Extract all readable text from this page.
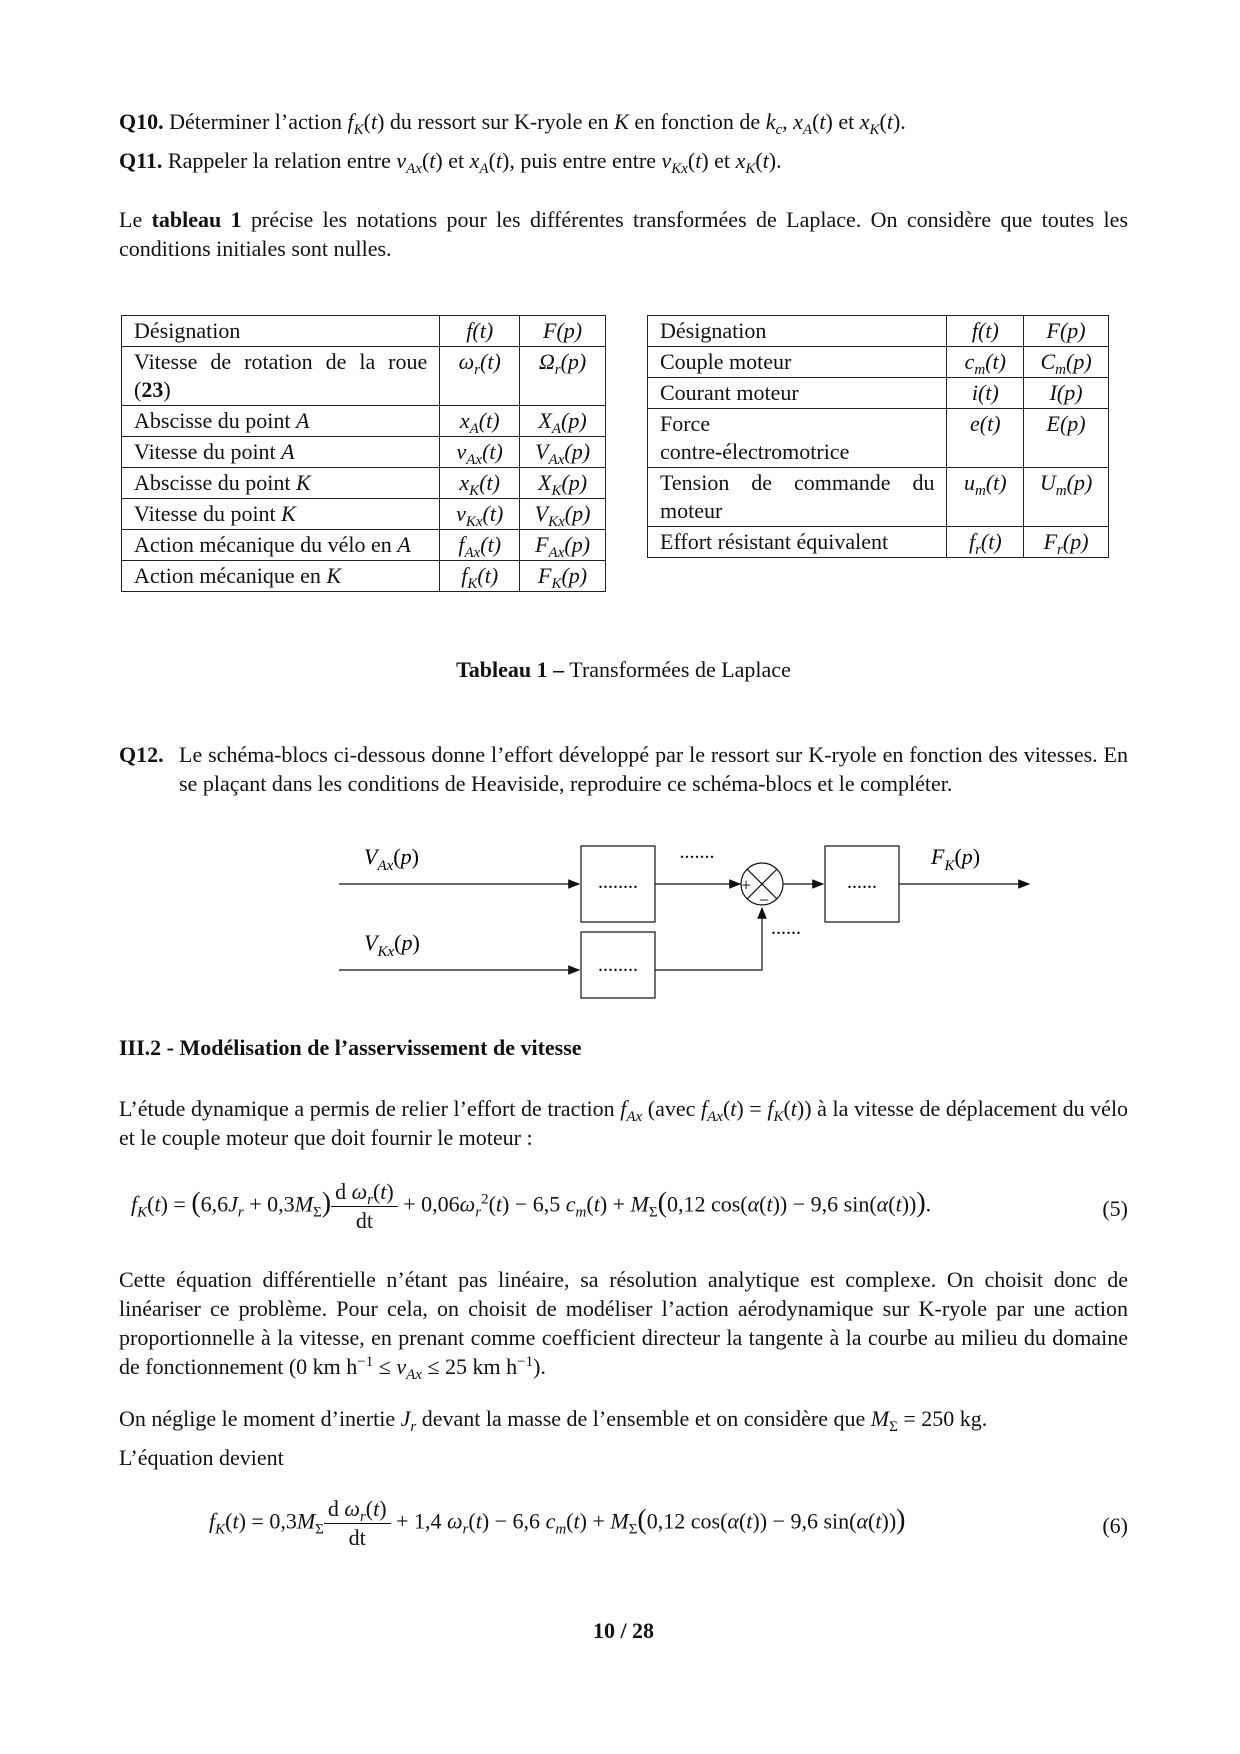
Q10. Déterminer l’action $f_K(t)$ du ressort sur K-ryole en K en fonction de $k_c$, $x_A(t)$ et $x_K(t)$.
Q11. Rappeler la relation entre $v_{Ax}(t)$ et $x_A(t)$, puis entre entre $v_{Kx}(t)$ et $x_K(t)$.

Le tableau 1 précise les notations pour les différentes transformées de Laplace. On considère que toutes les conditions initiales sont nulles.

Désignation	f(t)	F(p)
Vitesse de rotation de la roue (23)	$\omega_r(t)$	$\Omega_r(p)$
Abscisse du point A	$x_A(t)$	$X_A(p)$
Vitesse du point A	$v_{Ax}(t)$	$V_{Ax}(p)$
Abscisse du point K	$x_K(t)$	$X_K(p)$
Vitesse du point K	$v_{Kx}(t)$	$V_{Kx}(p)$
Action mécanique du vélo en A	$f_{Ax}(t)$	$F_{Ax}(p)$
Action mécanique en K	$f_K(t)$	$F_K(p)$
Désignation	f(t)	F(p)
Couple moteur	$c_m(t)$	$C_m(p)$
Courant moteur	i(t)	I(p)
Force
contre-électromotrice	e(t)	E(p)
Tension de commande du moteur	$u_m(t)$	$U_m(p)$
Effort résistant équivalent	$f_r(t)$	$F_r(p)$
Tableau 1 – Transformées de Laplace
Q12. Le schéma-blocs ci-dessous donne l’effort développé par le ressort sur K-ryole en fonction des vitesses. En se plaçant dans les conditions de Heaviside, reproduire ce schéma-blocs et le compléter.
$V_{Ax}(p)$
........
.......
+
−
......
$F_K(p)$
$V_{Kx}(p)$
........
......
III.2 - Modélisation de l’asservissement de vitesse

L’étude dynamique a permis de relier l’effort de traction $f_{Ax}$ (avec $f_{Ax}(t) = f_K(t)$) à la vitesse de déplacement du vélo et le couple moteur que doit fournir le moteur :

$f_K(t) = (6,6J_r + 0,3M_\Sigma) \frac{d \omega_r(t)}{dt} + 0,06\omega_r^2(t) - 6,5$ $c_m(t) + M_\Sigma(0,12$ cos(α(t)) − 9,6 sin(α(t))).	(5)

Cette équation différentielle n’étant pas linéaire, sa résolution analytique est complexe. On choisit donc de linéariser ce problème. Pour cela, on choisit de modéliser l’action aérodynamique sur K-ryole par une action proportionnelle à la vitesse, en prenant comme coefficient directeur la tangente à la courbe au milieu du domaine de fonctionnement (0 km $h^{-1} \le v_{Ax} \le 25$ km $h^{-1}$).

On néglige le moment d’inertie $J_r$ devant la masse de l’ensemble et on considère que $M_\Sigma = 250$ kg.
L’équation devient
$f_K(t) = 0,3M_\Sigma \frac{d \omega_r(t)}{dt} + 1,4$ $\omega_r(t) - 6,6$ $c_m(t) + M_\Sigma(0,12$ cos(α(t)) − 9,6 sin(α(t)))	(6)
10 / 28
